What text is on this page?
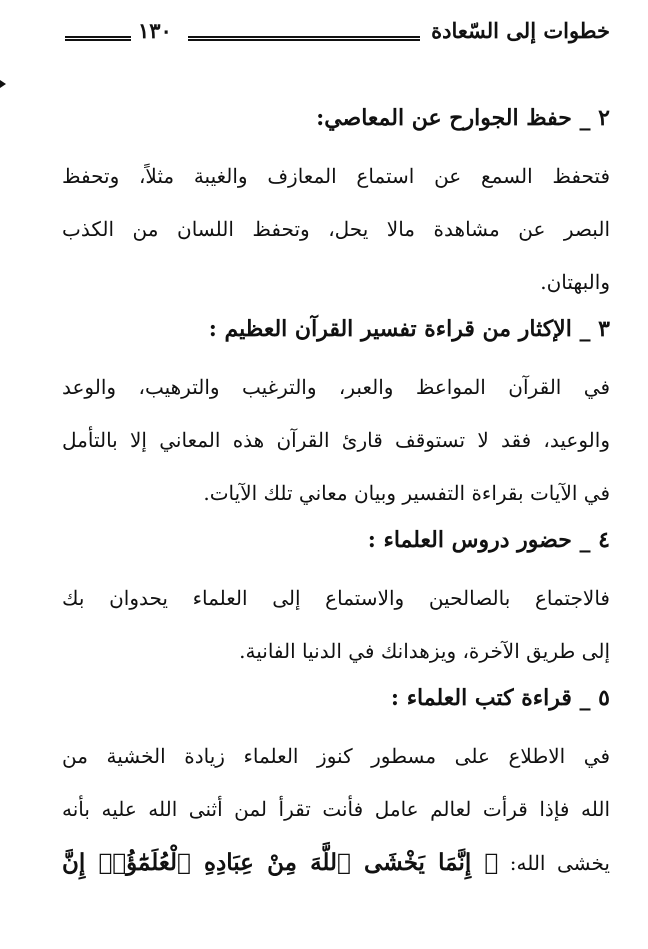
١٣٠	خطوات إلى السّعادة
٢ _ حفظ الجوارح عن المعاصي:
فتحفظ السمع عن استماع المعازف والغيبة مثلاً، وتحفظ
البصر عن مشاهدة مالا يحل، وتحفظ اللسان من الكذب
والبهتان.
٣ _ الإكثار من قراءة تفسير القرآن العظيم :
في القرآن المواعظ والعبر، والترغيب والترهيب، والوعد
والوعيد، فقد لا تستوقف قارئ القرآن هذه المعاني إلا بالتأمل
في الآيات بقراءة التفسير وبيان معاني تلك الآيات.
٤ _ حضور دروس العلماء :
فالاجتماع بالصالحين والاستماع إلى العلماء يحدوان بك
إلى طريق الآخرة، ويزهدانك في الدنيا الفانية.
٥ _ قراءة كتب العلماء :
في الاطلاع على مسطور كنوز العلماء زيادة الخشية من
الله فإذا قرأت لعالم عامل فأنت تقرأ لمن أثنى الله عليه بأنه
يخشى الله: ﴿ إِنَّمَا يَخْشَى ٱللَّهَ مِنْ عِبَادِهِ ٱلْعُلَمَٰٓؤُا۟ إِنَّ
